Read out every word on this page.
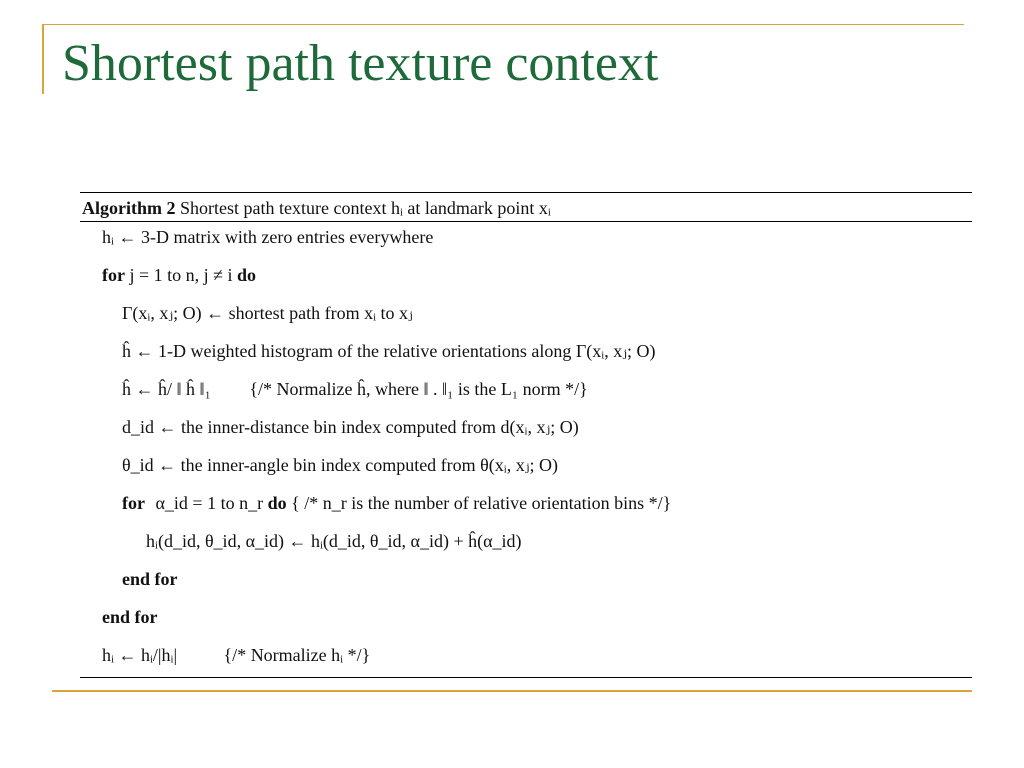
Shortest path texture context
Algorithm 2 Shortest path texture context hᵢ at landmark point xᵢ
hᵢ ← 3-D matrix with zero entries everywhere
for j = 1 to n, j ≠ i do
Γ(xᵢ, xⱼ; O) ← shortest path from xᵢ to xⱼ
ĥ ← 1-D weighted histogram of the relative orientations along Γ(xᵢ, xⱼ; O)
ĥ ← ĥ/ ‖ ĥ ‖₁ {/* Normalize ĥ, where ‖ . ‖₁ is the L₁ norm */}
d_id ← the inner-distance bin index computed from d(xᵢ, xⱼ; O)
θ_id ← the inner-angle bin index computed from θ(xᵢ, xⱼ; O)
for α_id = 1 to n_r do { /* n_r is the number of relative orientation bins */}
hᵢ(d_id, θ_id, α_id) ← hᵢ(d_id, θ_id, α_id) + ĥ(α_id)
end for
end for
hᵢ ← hᵢ/|hᵢ|	{/* Normalize hᵢ */}
